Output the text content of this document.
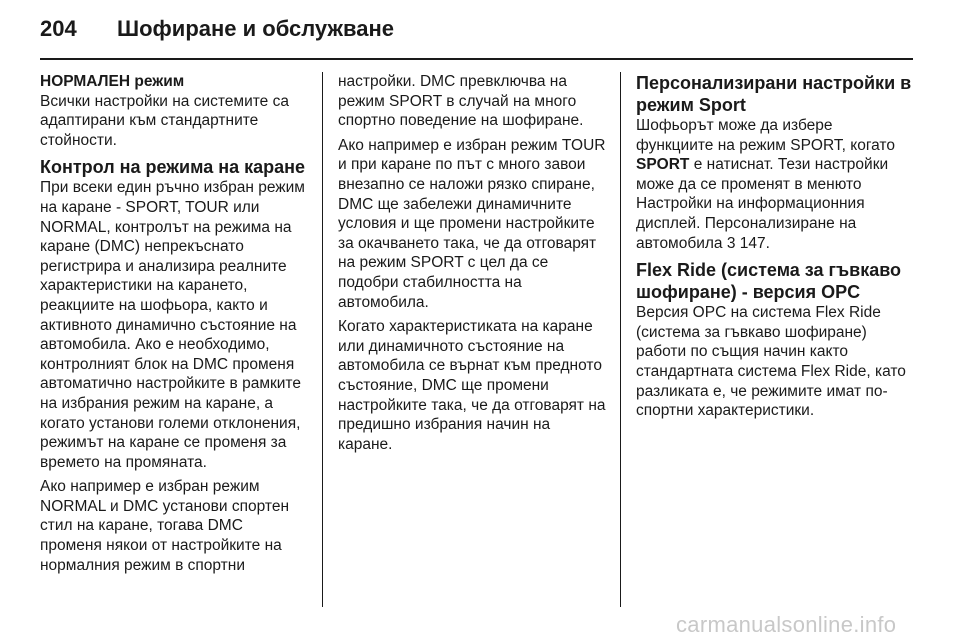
204 Шофиране и обслужване
НОРМАЛЕН режим

Всички настройки на системите са адаптирани към стандартните стойности.

Контрол на режима на каране

При всеки един ръчно избран режим на каране - SPORT, TOUR или NORMAL, контролът на режима на каране (DMC) непрекъснато регистрира и анализира реалните характеристики на карането, реакциите на шофьора, както и активното динамично състояние на автомобила. Ако е необходимо, контролният блок на DMC променя автоматично настройките в рамките на избрания режим на каране, а когато установи големи отклонения, режимът на каране се променя за времето на промяната.

Ако например е избран режим NORMAL и DMC установи спортен стил на каране, тогава DMC променя някои от настройките на нормалния режим в спортни

настройки. DMC превключва на режим SPORT в случай на много спортно поведение на шофиране.

Ако например е избран режим TOUR и при каране по път с много завои внезапно се наложи рязко спиране, DMC ще забележи динамичните условия и ще промени настройките за окачването така, че да отговарят на режим SPORT с цел да се подобри стабилността на автомобила.

Когато характеристиката на каране или динамичното състояние на автомобила се върнат към предното състояние, DMC ще промени настройките така, че да отговарят на предишно избрания начин на каране.

Персонализирани настройки в режим Sport

Шофьорът може да избере функциите на режим SPORT, когато SPORT е натиснат. Тези настройки може да се променят в менюто Настройки на информационния дисплей. Персонализиране на автомобила 3 147.

Flex Ride (система за гъвкаво шофиране) - версия OPC

Версия OPC на система Flex Ride (система за гъвкаво шофиране) работи по същия начин както стандартната система Flex Ride, като разликата е, че режимите имат по-спортни характеристики.

carmanualsonline.info
